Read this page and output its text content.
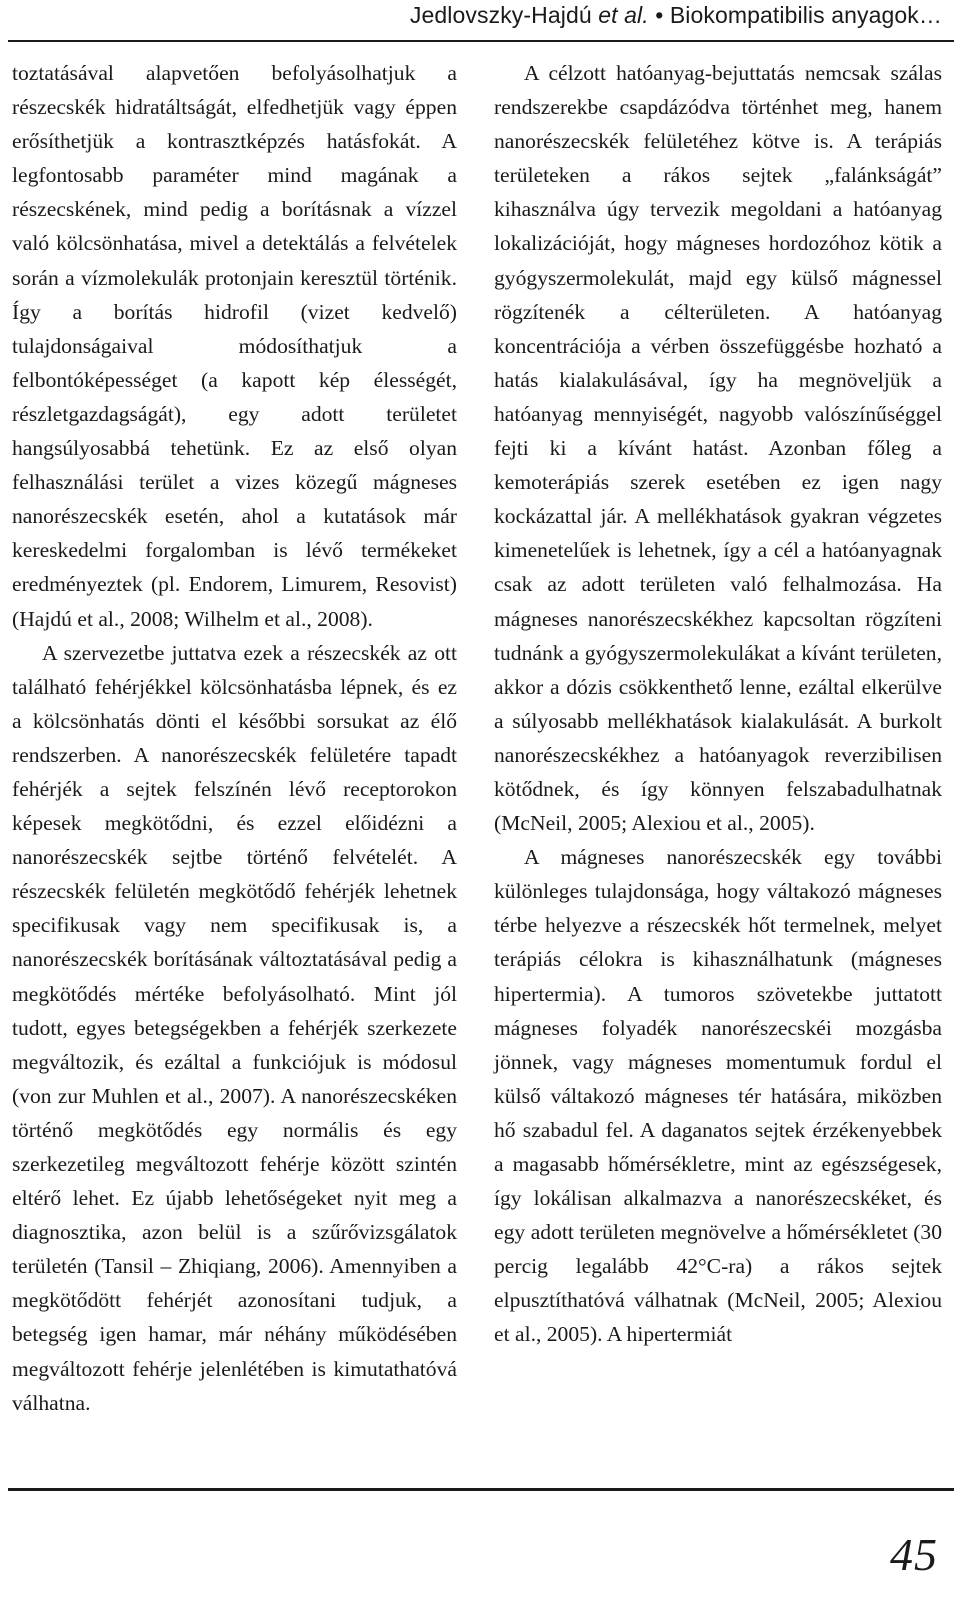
Jedlovszky-Hajdú et al. • Biokompatibilis anyagok…

toztatásával alapvetően befolyásolhatjuk a részecskék hidratáltságát, elfedhetjük vagy éppen erősíthetjük a kontrasztképzés hatásfokát. A legfontosabb paraméter mind magának a részecskének, mind pedig a borításnak a vízzel való kölcsönhatása, mivel a detektálás a felvételek során a vízmolekulák protonjain keresztül történik. Így a borítás hidrofil (vizet kedvelő) tulajdonságaival módosíthatjuk a felbontóképességet (a kapott kép élességét, részletgazdagságát), egy adott területet hangsúlyosabbá tehetünk. Ez az első olyan felhasználási terület a vizes közegű mágneses nanorészecskék esetén, ahol a kutatások már kereskedelmi forgalomban is lévő termékeket eredményeztek (pl. Endorem, Limurem, Resovist) (Hajdú et al., 2008; Wilhelm et al., 2008).

A szervezetbe juttatva ezek a részecskék az ott található fehérjékkel kölcsönhatásba lépnek, és ez a kölcsönhatás dönti el későbbi sorsukat az élő rendszerben. A nanorészecskék felületére tapadt fehérjék a sejtek felszínén lévő receptorokon képesek megkötődni, és ezzel előidézni a nanorészecskék sejtbe történő felvételét. A részecskék felületén megkötődő fehérjék lehetnek specifikusak vagy nem specifikusak is, a nanorészecskék borításának változtatásával pedig a megkötődés mértéke befolyásolható. Mint jól tudott, egyes betegségekben a fehérjék szerkezete megváltozik, és ezáltal a funkciójuk is módosul (von zur Muhlen et al., 2007). A nanorészecskéken történő megkötődés egy normális és egy szerkezetileg megváltozott fehérje között szintén eltérő lehet. Ez újabb lehetőségeket nyit meg a diagnosztika, azon belül is a szűrővizsgálatok területén (Tansil – Zhiqiang, 2006). Amennyiben a megkötődött fehérjét azonosítani tudjuk, a betegség igen hamar, már néhány működésében megváltozott fehérje jelenlétében is kimutathatóvá válhatna.

A célzott hatóanyag-bejuttatás nemcsak szálas rendszerekbe csapdázódva történhet meg, hanem nanorészecskék felületéhez kötve is. A terápiás területeken a rákos sejtek „falánkságát” kihasználva úgy tervezik megoldani a hatóanyag lokalizációját, hogy mágneses hordozóhoz kötik a gyógyszermolekulát, majd egy külső mágnessel rögzítenék a célterületen. A hatóanyag koncentrációja a vérben összefüggésbe hozható a hatás kialakulásával, így ha megnöveljük a hatóanyag mennyiségét, nagyobb valószínűséggel fejti ki a kívánt hatást. Azonban főleg a kemoterápiás szerek esetében ez igen nagy kockázattal jár. A mellékhatások gyakran végzetes kimenetelűek is lehetnek, így a cél a hatóanyagnak csak az adott területen való felhalmozása. Ha mágneses nanorészecskékhez kapcsoltan rögzíteni tudnánk a gyógyszermolekulákat a kívánt területen, akkor a dózis csökkenthető lenne, ezáltal elkerülve a súlyosabb mellékhatások kialakulását. A burkolt nanorészecskékhez a hatóanyagok reverzibilisen kötődnek, és így könnyen felszabadulhatnak (McNeil, 2005; Alexiou et al., 2005).

A mágneses nanorészecskék egy további különleges tulajdonsága, hogy váltakozó mágneses térbe helyezve a részecskék hőt termelnek, melyet terápiás célokra is kihasználhatunk (mágneses hipertermia). A tumoros szövetekbe juttatott mágneses folyadék nanorészecskéi mozgásba jönnek, vagy mágneses momentumuk fordul el külső váltakozó mágneses tér hatására, miközben hő szabadul fel. A daganatos sejtek érzékenyebbek a magasabb hőmérsékletre, mint az egészségesek, így lokálisan alkalmazva a nanorészecskéket, és egy adott területen megnövelve a hőmérsékletet (30 percig legalább 42°C-ra) a rákos sejtek elpusztíthatóvá válhatnak (McNeil, 2005; Alexiou et al., 2005). A hipertermiát

45
